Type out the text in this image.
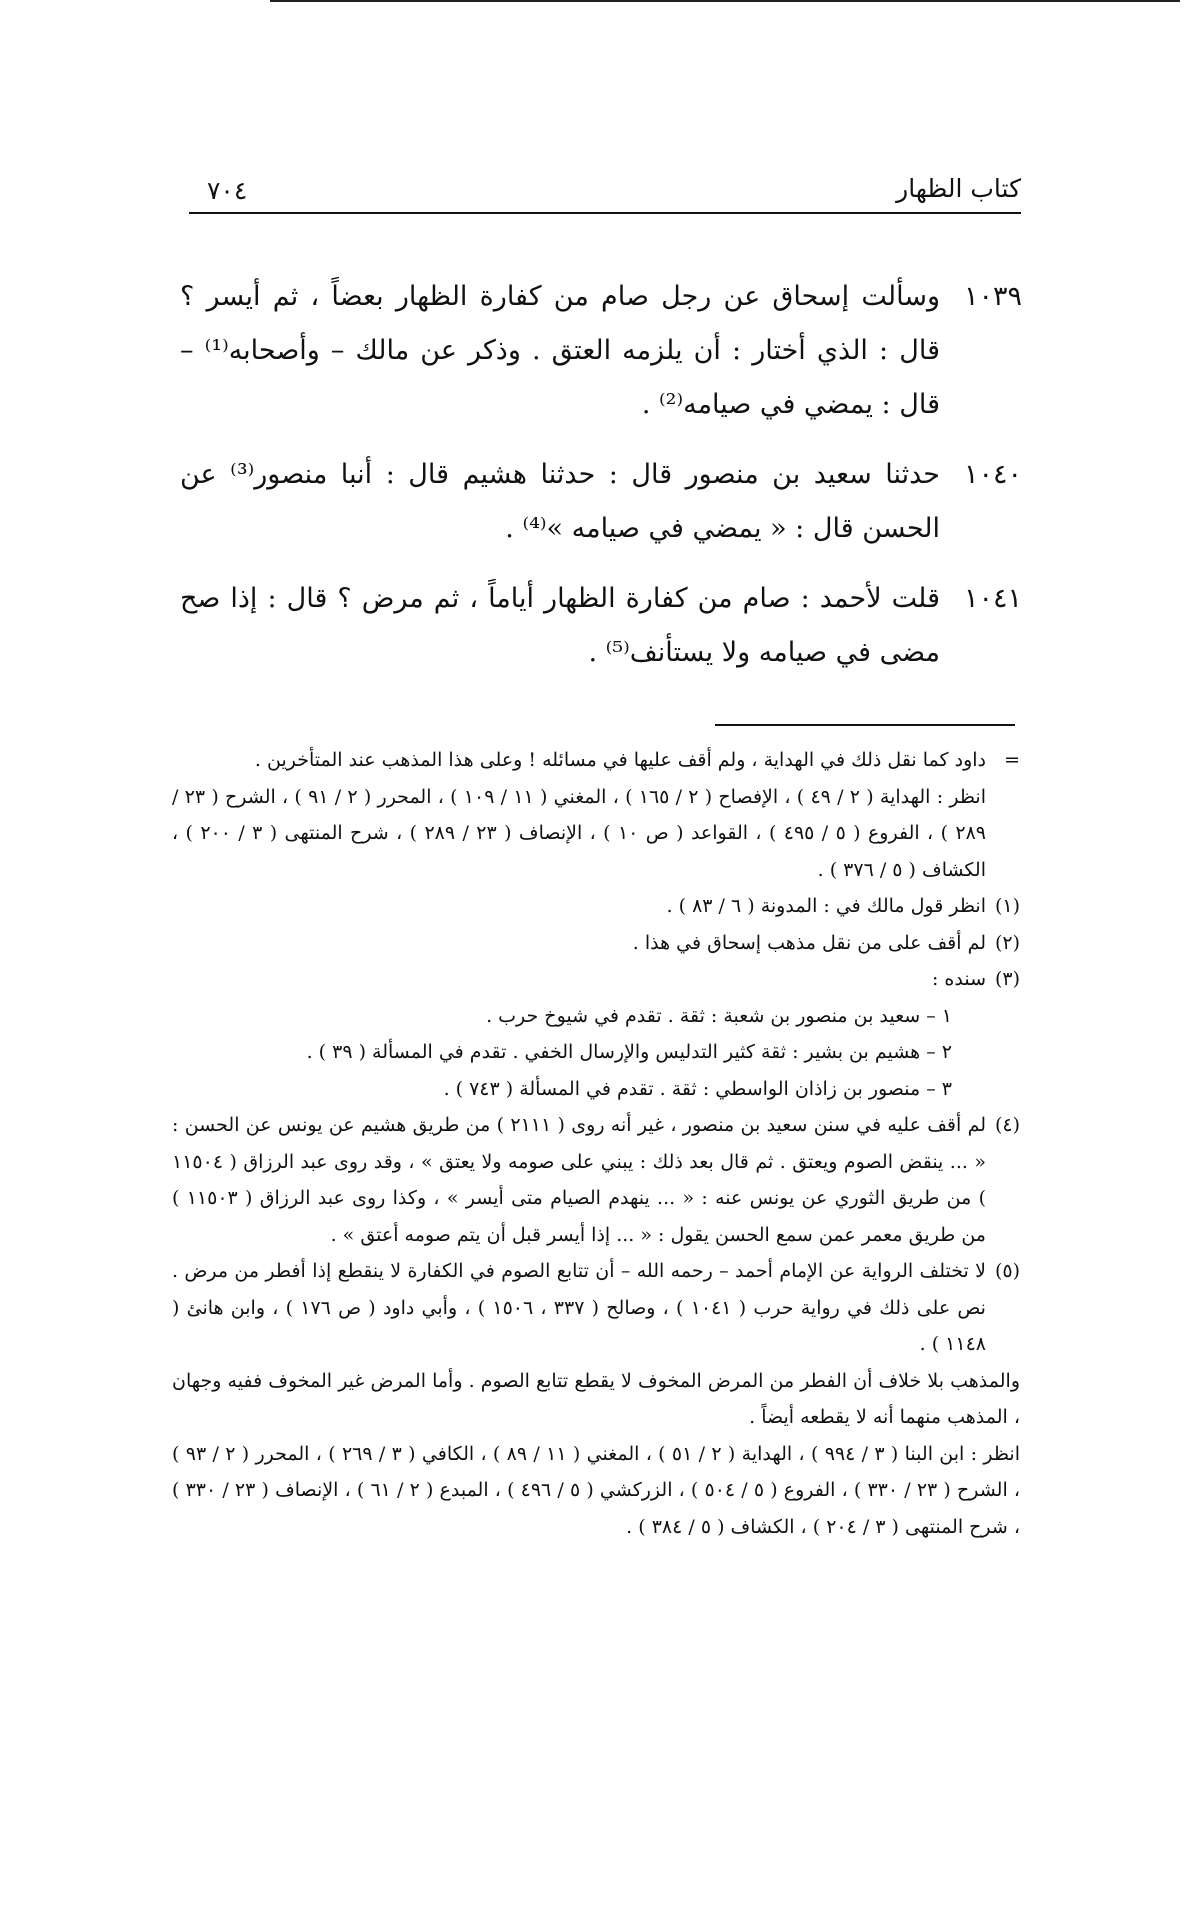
كتاب الظهار
٧٠٤
١٠٣٩
وسألت إسحاق عن رجل صام من كفارة الظهار بعضاً ، ثم أيسر ؟ قال : الذي أختار : أن يلزمه العتق . وذكر عن مالك – وأصحابه⁽¹⁾ – قال : يمضي في صيامه⁽²⁾ .
١٠٤٠
حدثنا سعيد بن منصور قال : حدثنا هشيم قال : أنبا منصور⁽³⁾ عن الحسن قال : « يمضي في صيامه »⁽⁴⁾ .
١٠٤١
قلت لأحمد : صام من كفارة الظهار أياماً ، ثم مرض ؟ قال : إذا صح مضى في صيامه ولا يستأنف⁽⁵⁾ .
=
داود كما نقل ذلك في الهداية ، ولم أقف عليها في مسائله ! وعلى هذا المذهب عند المتأخرين .
انظر : الهداية ( ٢ / ٤٩ ) ، الإفصاح ( ٢ / ١٦٥ ) ، المغني ( ١١ / ١٠٩ ) ، المحرر ( ٢ / ٩١ ) ، الشرح ( ٢٣ / ٢٨٩ ) ، الفروع ( ٥ / ٤٩٥ ) ، القواعد ( ص ١٠ ) ، الإنصاف ( ٢٣ / ٢٨٩ ) ، شرح المنتهى ( ٣ / ٢٠٠ ) ، الكشاف ( ٥ / ٣٧٦ ) .
(١)
انظر قول مالك في : المدونة ( ٦ / ٨٣ ) .
(٢)
لم أقف على من نقل مذهب إسحاق في هذا .
(٣)
سنده :
١ – سعيد بن منصور بن شعبة : ثقة . تقدم في شيوخ حرب .
٢ – هشيم بن بشير : ثقة كثير التدليس والإرسال الخفي . تقدم في المسألة ( ٣٩ ) .
٣ – منصور بن زاذان الواسطي : ثقة . تقدم في المسألة ( ٧٤٣ ) .
(٤)
لم أقف عليه في سنن سعيد بن منصور ، غير أنه روى ( ٢١١١ ) من طريق هشيم عن يونس عن الحسن : « ... ينقض الصوم ويعتق . ثم قال بعد ذلك : يبني على صومه ولا يعتق » ، وقد روى عبد الرزاق ( ١١٥٠٤ ) من طريق الثوري عن يونس عنه : « ... ينهدم الصيام متى أيسر » ، وكذا روى عبد الرزاق ( ١١٥٠٣ ) من طريق معمر عمن سمع الحسن يقول : « ... إذا أيسر قبل أن يتم صومه أعتق » .
(٥)
لا تختلف الرواية عن الإمام أحمد – رحمه الله – أن تتابع الصوم في الكفارة لا ينقطع إذا أفطر من مرض . نص على ذلك في رواية حرب ( ١٠٤١ ) ، وصالح ( ٣٣٧ ، ١٥٠٦ ) ، وأبي داود ( ص ١٧٦ ) ، وابن هانئ ( ١١٤٨ ) .
والمذهب بلا خلاف أن الفطر من المرض المخوف لا يقطع تتابع الصوم . وأما المرض غير المخوف ففيه وجهان ، المذهب منهما أنه لا يقطعه أيضاً .
انظر : ابن البنا ( ٣ / ٩٩٤ ) ، الهداية ( ٢ / ٥١ ) ، المغني ( ١١ / ٨٩ ) ، الكافي ( ٣ / ٢٦٩ ) ، المحرر ( ٢ / ٩٣ ) ، الشرح ( ٢٣ / ٣٣٠ ) ، الفروع ( ٥ / ٥٠٤ ) ، الزركشي ( ٥ / ٤٩٦ ) ، المبدع ( ٢ / ٦١ ) ، الإنصاف ( ٢٣ / ٣٣٠ ) ، شرح المنتهى ( ٣ / ٢٠٤ ) ، الكشاف ( ٥ / ٣٨٤ ) .
